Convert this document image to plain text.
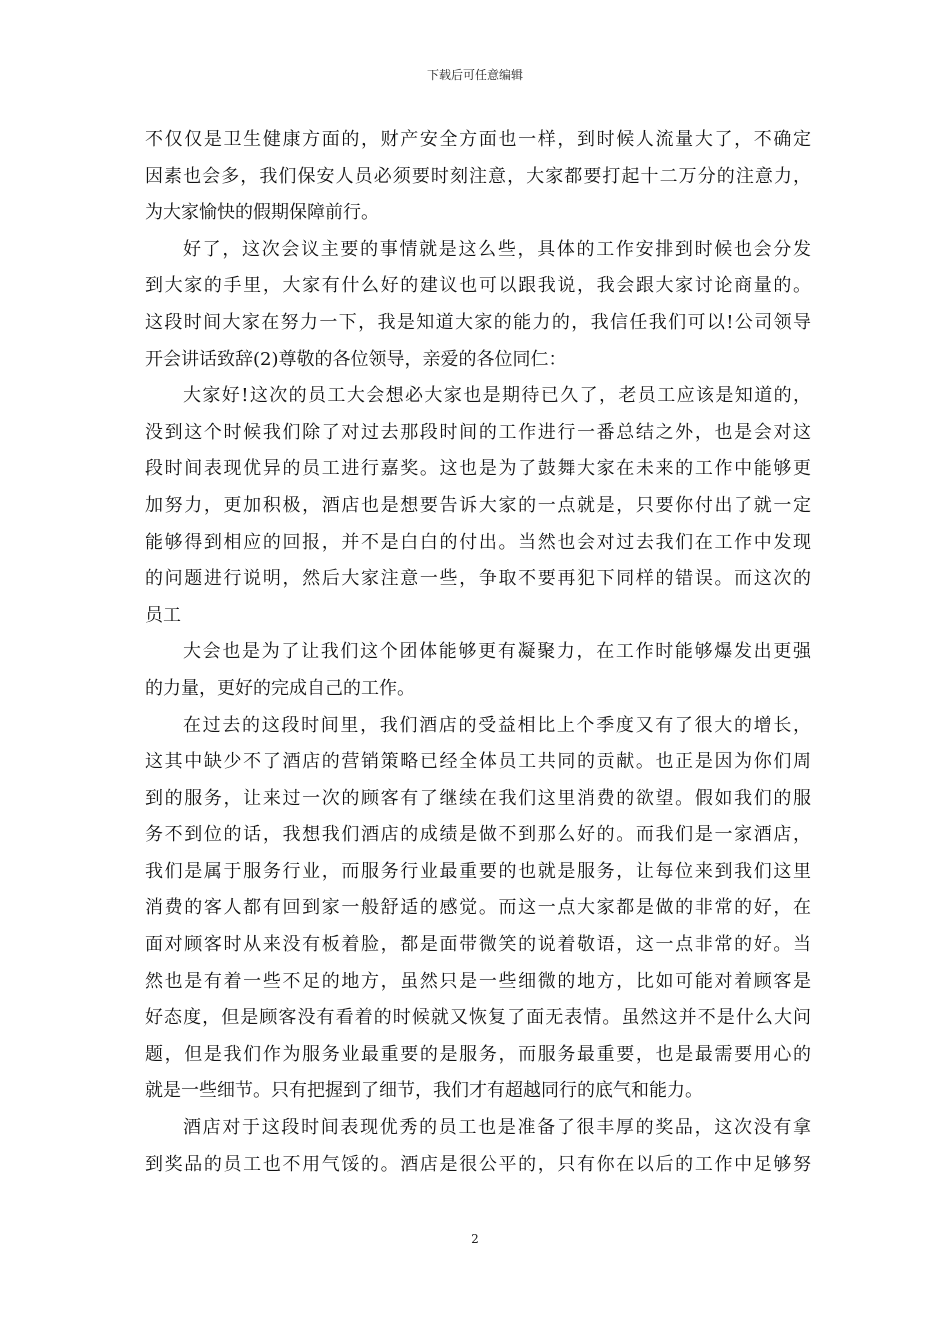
下载后可任意编辑
不仅仅是卫生健康方面的，财产安全方面也一样，到时候人流量大了，不确定
因素也会多，我们保安人员必须要时刻注意，大家都要打起十二万分的注意力，
为大家愉快的假期保障前行。
好了，这次会议主要的事情就是这么些，具体的工作安排到时候也会分发
到大家的手里，大家有什么好的建议也可以跟我说，我会跟大家讨论商量的。
这段时间大家在努力一下，我是知道大家的能力的，我信任我们可以!公司领导
开会讲话致辞(2)尊敬的各位领导，亲爱的各位同仁：
大家好!这次的员工大会想必大家也是期待已久了，老员工应该是知道的，
没到这个时候我们除了对过去那段时间的工作进行一番总结之外，也是会对这
段时间表现优异的员工进行嘉奖。这也是为了鼓舞大家在未来的工作中能够更
加努力，更加积极，酒店也是想要告诉大家的一点就是，只要你付出了就一定
能够得到相应的回报，并不是白白的付出。当然也会对过去我们在工作中发现
的问题进行说明，然后大家注意一些，争取不要再犯下同样的错误。而这次的
员工
大会也是为了让我们这个团体能够更有凝聚力，在工作时能够爆发出更强
的力量，更好的完成自己的工作。
在过去的这段时间里，我们酒店的受益相比上个季度又有了很大的增长，
这其中缺少不了酒店的营销策略已经全体员工共同的贡献。也正是因为你们周
到的服务，让来过一次的顾客有了继续在我们这里消费的欲望。假如我们的服
务不到位的话，我想我们酒店的成绩是做不到那么好的。而我们是一家酒店，
我们是属于服务行业，而服务行业最重要的也就是服务，让每位来到我们这里
消费的客人都有回到家一般舒适的感觉。而这一点大家都是做的非常的好，在
面对顾客时从来没有板着脸，都是面带微笑的说着敬语，这一点非常的好。当
然也是有着一些不足的地方，虽然只是一些细微的地方，比如可能对着顾客是
好态度，但是顾客没有看着的时候就又恢复了面无表情。虽然这并不是什么大问
题，但是我们作为服务业最重要的是服务，而服务最重要，也是最需要用心的
就是一些细节。只有把握到了细节，我们才有超越同行的底气和能力。
酒店对于这段时间表现优秀的员工也是准备了很丰厚的奖品，这次没有拿
到奖品的员工也不用气馁的。酒店是很公平的，只有你在以后的工作中足够努
2
